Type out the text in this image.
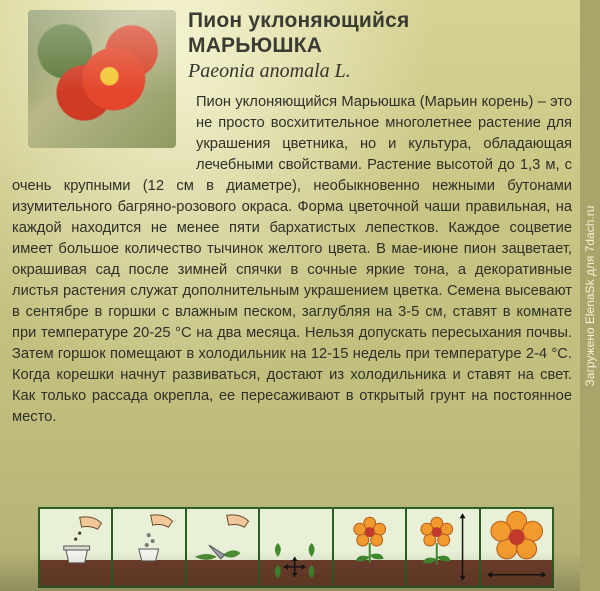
Пион уклоняющийся
МАРЬЮШКА
Paeonia anomala L.

Пион уклоняющийся Марьюшка (Марьин корень) – это не просто восхитительное многолетнее растение для украшения цветника, но и культура, обладающая лечебными свойствами. Растение высотой до 1,3 м, с очень крупными (12 см в диаметре), необыкновенно нежными бутонами изумительного багряно-розового окраса. Форма цветочной чаши правильная, на каждой находится не менее пяти бархатистых лепестков. Каждое соцветие имеет большое количество тычинок желтого цвета. В мае-июне пион зацветает, окрашивая сад после зимней спячки в сочные яркие тона, а декоративные листья растения служат дополнительным украшением цветка. Семена высевают в сентябре в горшки с влажным песком, заглубляя на 3-5 см, ставят в комнате при температуре 20-25 °С на два месяца. Нельзя допускать пересыхания почвы. Затем горшок помещают в холодильник на 12-15 недель при температуре 2-4 °С. Когда корешки начнут развиваться, достают из холодильника и ставят на свет. Как только рассада окрепла, ее пересаживают в открытый грунт на постоянное место.

Загружено ElenaSk для 7dach.ru
